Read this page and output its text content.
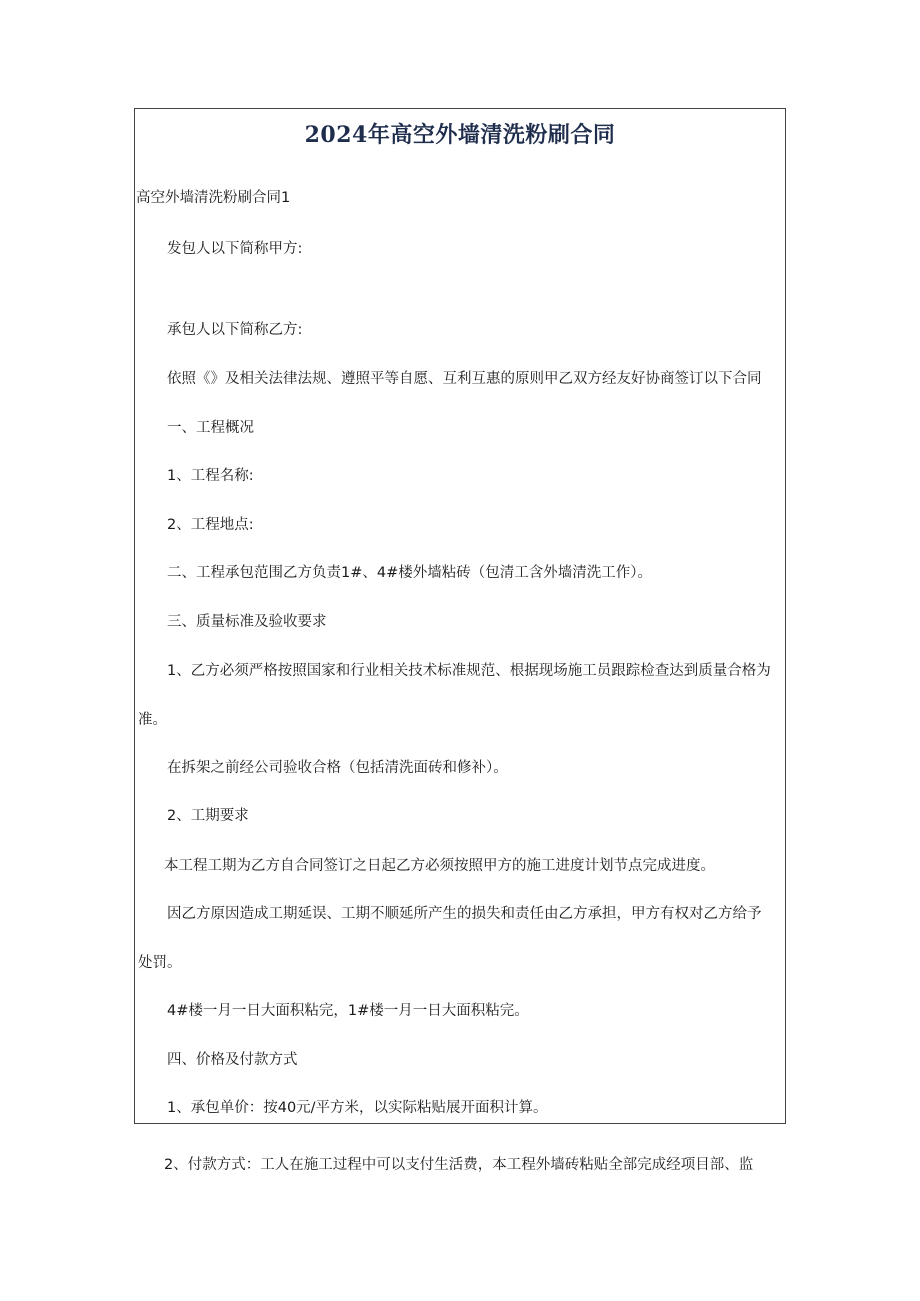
2024年高空外墙清洗粉刷合同
高空外墙清洗粉刷合同1
发包人以下简称甲方:
承包人以下简称乙方:
依照《》及相关法律法规、遵照平等自愿、互利互惠的原则甲乙双方经友好协商签订以下合同
一、工程概况
1、工程名称:
2、工程地点:
二、工程承包范围乙方负责1#、4#楼外墙粘砖（包清工含外墙清洗工作）。
三、质量标准及验收要求
1、乙方必须严格按照国家和行业相关技术标准规范、根据现场施工员跟踪检查达到质量合格为
准。
在拆架之前经公司验收合格（包括清洗面砖和修补）。
2、工期要求
本工程工期为乙方自合同签订之日起乙方必须按照甲方的施工进度计划节点完成进度。
因乙方原因造成工期延误、工期不顺延所产生的损失和责任由乙方承担，甲方有权对乙方给予
处罚。
4#楼一月一日大面积粘完，1#楼一月一日大面积粘完。
四、价格及付款方式
1、承包单价：按40元/平方米，以实际粘贴展开面积计算。
2、付款方式：工人在施工过程中可以支付生活费，本工程外墙砖粘贴全部完成经项目部、监
